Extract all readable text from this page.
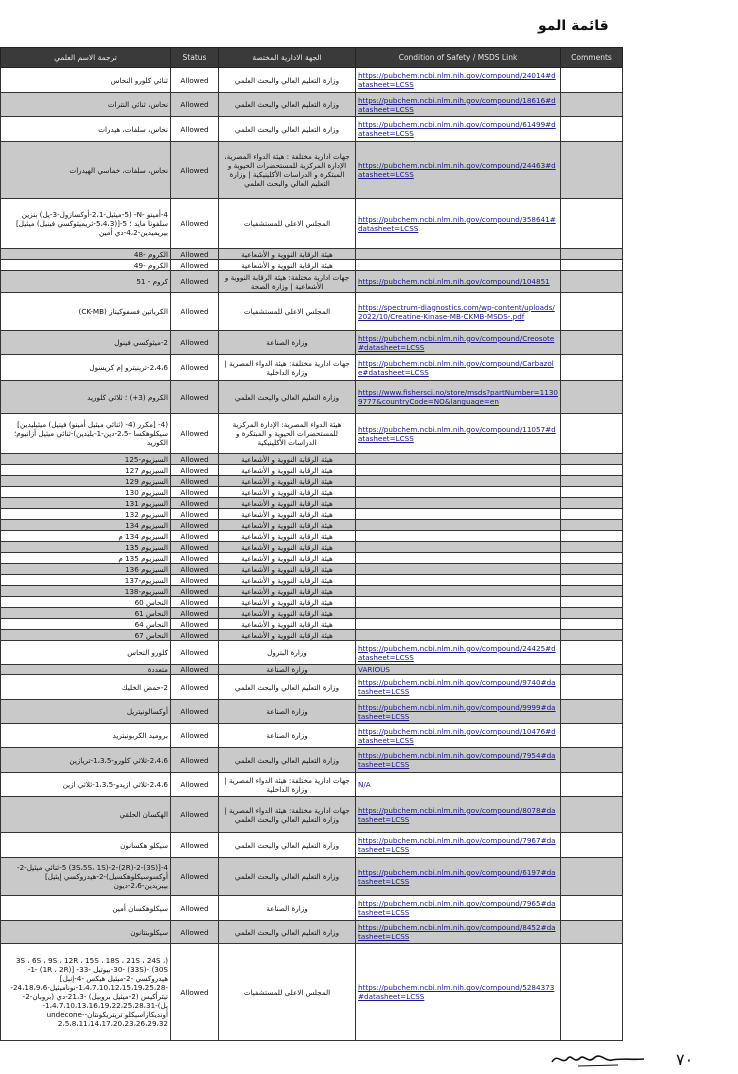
قائمة المو
ترجمة الاسم العلمي	Status	الجهة الادارية المختصة	Condition of Safety / MSDS Link	Comments
ثنائي كلورو النحاس	Allowed	وزارة التعليم العالي والبحث العلمي	https://pubchem.ncbi.nlm.nih.gov/compound/24014#datasheet=LCSS	
نحاس، ثنائي النترات	Allowed	وزارة التعليم العالي والبحث العلمي	https://pubchem.ncbi.nlm.nih.gov/compound/18616#datasheet=LCSS	
نحاس، سلفات، هيدرات	Allowed	وزارة التعليم العالي والبحث العلمي	https://pubchem.ncbi.nlm.nih.gov/compound/61499#datasheet=LCSS	
نحاس، سلفات، خماسي الهيدرات	Allowed	جهات ادارية مختلفة : هيئة الدواء المصرية، الإدارة المركزية للمستحضرات الحيوية و المبتكرة و الدراسات الأكلينيكية | وزارة التعليم العالي والبحث العلمي	https://pubchem.ncbi.nlm.nih.gov/compound/24463#datasheet=LCSS	
4-أمينو -N- (5-ميثيل-2،1-أوكسازول-3-يل) بنزين سلفونا مايد ؛ 5-[(5،4،3-ثريميثوكسي فينيل) ميثيل] بيريميدين-4،2-دي أمين	Allowed	المجلس الاعلى للمستشفيات	https://pubchem.ncbi.nlm.nih.gov/compound/358641#datasheet=LCSS	
الكروم -48	Allowed	هيئة الرقابة النووية و الأشعاعية		
الكروم -49	Allowed	هيئة الرقابة النووية و الأشعاعية		
كروم - 51	Allowed	جهات ادارية مختلفة: هيئة الرقابة النووية و الأشعاعية | وزارة الصحة	https://pubchem.ncbi.nlm.nih.gov/compound/104851	
الكرياتين فسفوكيناز (CK-MB)	Allowed	المجلس الاعلى للمستشفيات	https://spectrum-diagnostics.com/wp-content/uploads/2022/10/Creatine-Kinase-MB-CKMB-MSDS-.pdf	
2-ميثوكسي فينول	Allowed	وزارة الصناعة	https://pubchem.ncbi.nlm.nih.gov/compound/Creosote#datasheet=LCSS	
2،4،6-ترينيترو إم كريسول	Allowed	جهات ادارية مختلفة: هيئة الدواء المصرية | وزارة الداخلية	https://pubchem.ncbi.nlm.nih.gov/compound/Carbazole#datasheet=LCSS	
الكروم (3+) ؛ ثلاثي كلوريد	Allowed	وزارة التعليم العالي والبحث العلمي	https://www.fishersci.no/store/msds?partNumber=11309777&countryCode=NO&language=en	
(4- [مكرر (4- (ثنائي ميثيل أمينو) فينيل) ميثيليدين] سيكلوهكسا -2،5-دين-1-يليدين)-ثنائي ميثيل أزانيوم؛ الكوريد	Allowed	هيئة الدواء المصرية: الإدارة المركزية للمستحضرات الحيوية و المبتكرة و الدراسات الأكلينيكية	https://pubchem.ncbi.nlm.nih.gov/compound/11057#datasheet=LCSS	
السيزيوم-125	Allowed	هيئة الرقابة النووية و الأشعاعية		
السيزيوم 127	Allowed	هيئة الرقابة النووية و الأشعاعية		
السيزيوم 129	Allowed	هيئة الرقابة النووية و الأشعاعية		
السيزيوم 130	Allowed	هيئة الرقابة النووية و الأشعاعية		
السيزيوم 131	Allowed	هيئة الرقابة النووية و الأشعاعية		
السيزيوم 132	Allowed	هيئة الرقابة النووية و الأشعاعية		
السيزيوم 134	Allowed	هيئة الرقابة النووية و الأشعاعية		
السيزيوم 134 م	Allowed	هيئة الرقابة النووية و الأشعاعية		
السيزيوم 135	Allowed	هيئة الرقابة النووية و الأشعاعية		
السيزيوم 135 م	Allowed	هيئة الرقابة النووية و الأشعاعية		
السيزيوم 136	Allowed	هيئة الرقابة النووية و الأشعاعية		
السيزيوم-137	Allowed	هيئة الرقابة النووية و الأشعاعية		
السيزيوم-138	Allowed	هيئة الرقابة النووية و الأشعاعية		
النحاس 60	Allowed	هيئة الرقابة النووية و الأشعاعية		
النحاس 61	Allowed	هيئة الرقابة النووية و الأشعاعية		
النحاس 64	Allowed	هيئة الرقابة النووية و الأشعاعية		
النحاس 67	Allowed	هيئة الرقابة النووية و الأشعاعية		
كلورو النحاس	Allowed	وزارة البترول	https://pubchem.ncbi.nlm.nih.gov/compound/24425#datasheet=LCSS	
متعددة	Allowed	وزارة الصناعة	VARIOUS	
2-حمض الخليك	Allowed	وزارة التعليم العالي والبحث العلمي	https://pubchem.ncbi.nlm.nih.gov/compound/9740#datasheet=LCSS	
أوكسالونيتريل	Allowed	وزارة الصناعة	https://pubchem.ncbi.nlm.nih.gov/compound/9999#datasheet=LCSS	
بروميد الكربونيتريد	Allowed	وزارة الصناعة	https://pubchem.ncbi.nlm.nih.gov/compound/10476#datasheet=LCSS	
2،4،6-ثلاثي كلورو-1،3،5-تريازين	Allowed	وزارة التعليم العالي والبحث العلمي	https://pubchem.ncbi.nlm.nih.gov/compound/7954#datasheet=LCSS	
2،4،6-ثلاثي ازيدو-1،3،5-ثلاثي ازين	Allowed	جهات ادارية مختلفة: هيئة الدواء المصرية | وزارة الداخلية	N/A	
الهكسان الحلقي	Allowed	جهات ادارية مختلفة: هيئة الدواء المصرية | وزارة التعليم العالي والبحث العلمي	https://pubchem.ncbi.nlm.nih.gov/compound/8078#datasheet=LCSS	
سيكلو هكسانون	Allowed	وزارة التعليم العالي والبحث العلمي	https://pubchem.ncbi.nlm.nih.gov/compound/7967#datasheet=LCSS	
4-[(3S)-5 (3S،5S، 1S)-2-(2R)-2-ثنائي ميثيل-2-أوكسوسيكلوهكسيل)-2-هيدروكسي إيثيل] بيبريدين-2،6-ديون	Allowed	وزارة التعليم العالي والبحث العلمي	https://pubchem.ncbi.nlm.nih.gov/compound/6197#datasheet=LCSS	
سيكلوهكسان أمين	Allowed	وزارة الصناعة	https://pubchem.ncbi.nlm.nih.gov/compound/7965#datasheet=LCSS	
سيكلوبنتانون	Allowed	وزارة التعليم العالي والبحث العلمي	https://pubchem.ncbi.nlm.nih.gov/compound/8452#datasheet=LCSS	
(3S ، 6S ، 9S ، 12R ، 15S ، 18S ، 21S ، 24S ، 30S) -30- (33S)-بيوتيل -33- [(1R ، 2R) -1-هيدروكسي -2-ميثيل هيكس -4-إنيل] -1،4،7،10،12،15،19،25،28-نوناميثيل-24،18،9،6-تيترأكيس (2-ميثيل بروبيل) -21،3-دي (بروبان-2-يل)-1،4،7،10،13،16،19،22،25،28،31-أونديكازاسيكلو تريتريكونتان-undecone-2،5،8،11،14،17،20،23،26،29،32	Allowed	المجلس الاعلى للمستشفيات	https://pubchem.ncbi.nlm.nih.gov/compound/5284373#datasheet=LCSS	
٧٠
